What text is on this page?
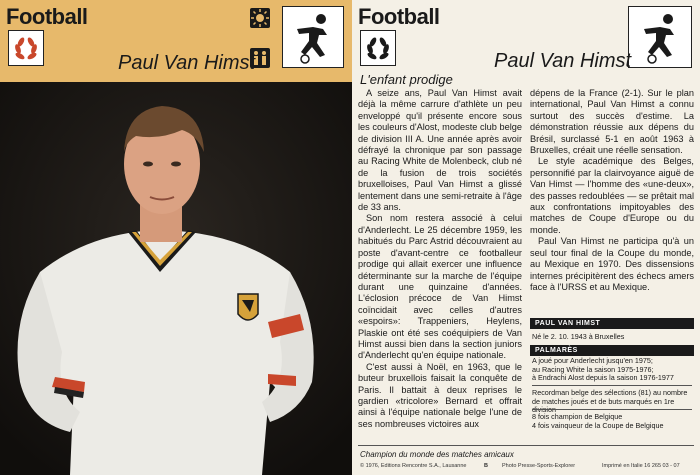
Football
Paul Van Himst
Football
Paul Van Himst
L'enfant prodige

A seize ans, Paul Van Himst avait déjà la même carrure d'athlète un peu enveloppé qu'il présente encore sous les couleurs d'Alost, modeste club belge de division III A. Une année après avoir défrayé la chronique par son passage au Racing White de Molenbeck, club né de la fusion de trois sociétés bruxelloises, Paul Van Himst a glissé lentement dans une semi-retraite à l'âge de 33 ans.

Son nom restera associé à celui d'Anderlecht. Le 25 décembre 1959, les habitués du Parc Astrid découvraient au poste d'avant-centre ce footballeur prodige qui allait exercer une influence déterminante sur la marche de l'équipe durant une quinzaine d'années. L'éclosion précoce de Van Himst coïncidait avec celles d'autres «espoirs»: Trappeniers, Heylens, Plaskie ont été ses coéquipiers de Van Himst aussi bien dans la section juniors d'Anderlecht qu'en équipe nationale.

C'est aussi à Noël, en 1963, que le buteur bruxellois faisait la conquête de Paris. Il battait à deux reprises le gardien «tricolore» Bernard et offrait ainsi à l'équipe nationale belge l'une de ses nombreuses victoires aux

dépens de la France (2-1). Sur le plan international, Paul Van Himst a connu surtout des succès d'estime. La démonstration réussie aux dépens du Brésil, surclassé 5-1 en août 1963 à Bruxelles, créait une réelle sensation.

Le style académique des Belges, personnifié par la clairvoyance aiguë de Van Himst — l'homme des «une-deux», des passes redoublées — se prêtait mal aux confrontations impitoyables des matches de Coupe d'Europe ou du monde.

Paul Van Himst ne participa qu'à un seul tour final de la Coupe du monde, au Mexique en 1970. Des dissensions internes précipitèrent des échecs amers face à l'URSS et au Mexique.

PAUL VAN HIMST
Né le 2. 10. 1943 à Bruxelles
PALMARÈS
A joué pour Anderlecht jusqu'en 1975;
au Racing White la saison 1975-1976;
à Endrachi Alost depuis la saison 1976-1977
Recordman belge des sélections (81) au nombre
de matches joués et de buts marqués en 1re
8 fois champion de Belgique
4 fois vainqueur de la Coupe de Belgique
Champion du monde des matches amicaux
© 1976, Editions Rencontre S.A., Lausanne	B	Photo Presse-Sports-Explorer	Imprimé en Italie 16 265 03 - 07
